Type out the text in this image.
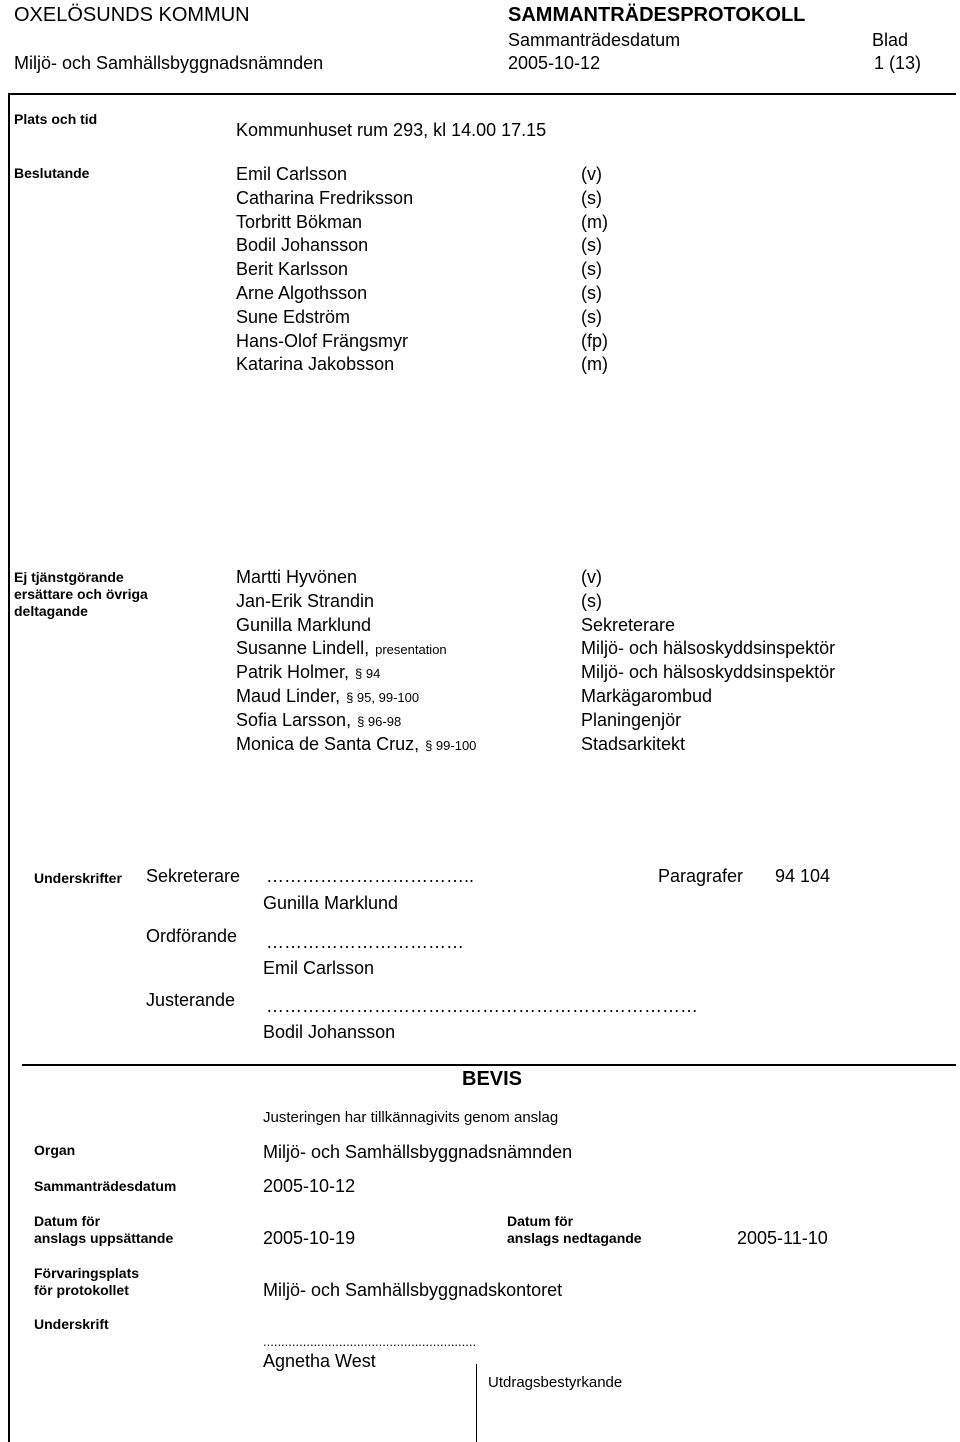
OXELÖSUNDS KOMMUN	SAMMANTRÄDESPROTOKOLL
Sammanträdesdatum	Blad
Miljö- och Samhällsbyggnadsnämnden	2005-10-12	1 (13)
Plats och tid
Kommunhuset rum 293, kl 14.00 17.15
Beslutande	Emil Carlsson	(v)
Catharina Fredriksson	(s)
Torbritt Bökman	(m)
Bodil Johansson	(s)
Berit Karlsson	(s)
Arne Algothsson	(s)
Sune Edström	(s)
Hans-Olof Frängsmyr	(fp)
Katarina Jakobsson	(m)
Ej tjänstgörande
ersättare och övriga
deltagande
Martti Hyvönen	(v)
Jan-Erik Strandin	(s)
Gunilla Marklund	Sekreterare
Susanne Lindell, presentation	Miljö- och hälsoskyddsinspektör
Patrik Holmer, § 94	Miljö- och hälsoskyddsinspektör
Maud Linder, § 95, 99-100	Markägarombud
Sofia Larsson, § 96-98	Planingenjör
Monica de Santa Cruz, § 99-100	Stadsarkitekt
Underskrifter Sekreterare ……………………………..	Paragrafer 94 104
Gunilla Marklund
Ordförande ……………………………
Emil Carlsson
Justerande ………………………………………………………………
Bodil Johansson
BEVIS
Justeringen har tillkännagivits genom anslag
Organ	Miljö- och Samhällsbyggnadsnämnden
Sammanträdesdatum	2005-10-12
Datum för
anslags uppsättande	2005-10-19
Datum för
anslags nedtagande	2005-11-10
Förvaringsplats
för protokollet	Miljö- och Samhällsbyggnadskontoret
Underskrift
...........................................................
Agnetha West
Utdragsbestyrkande
